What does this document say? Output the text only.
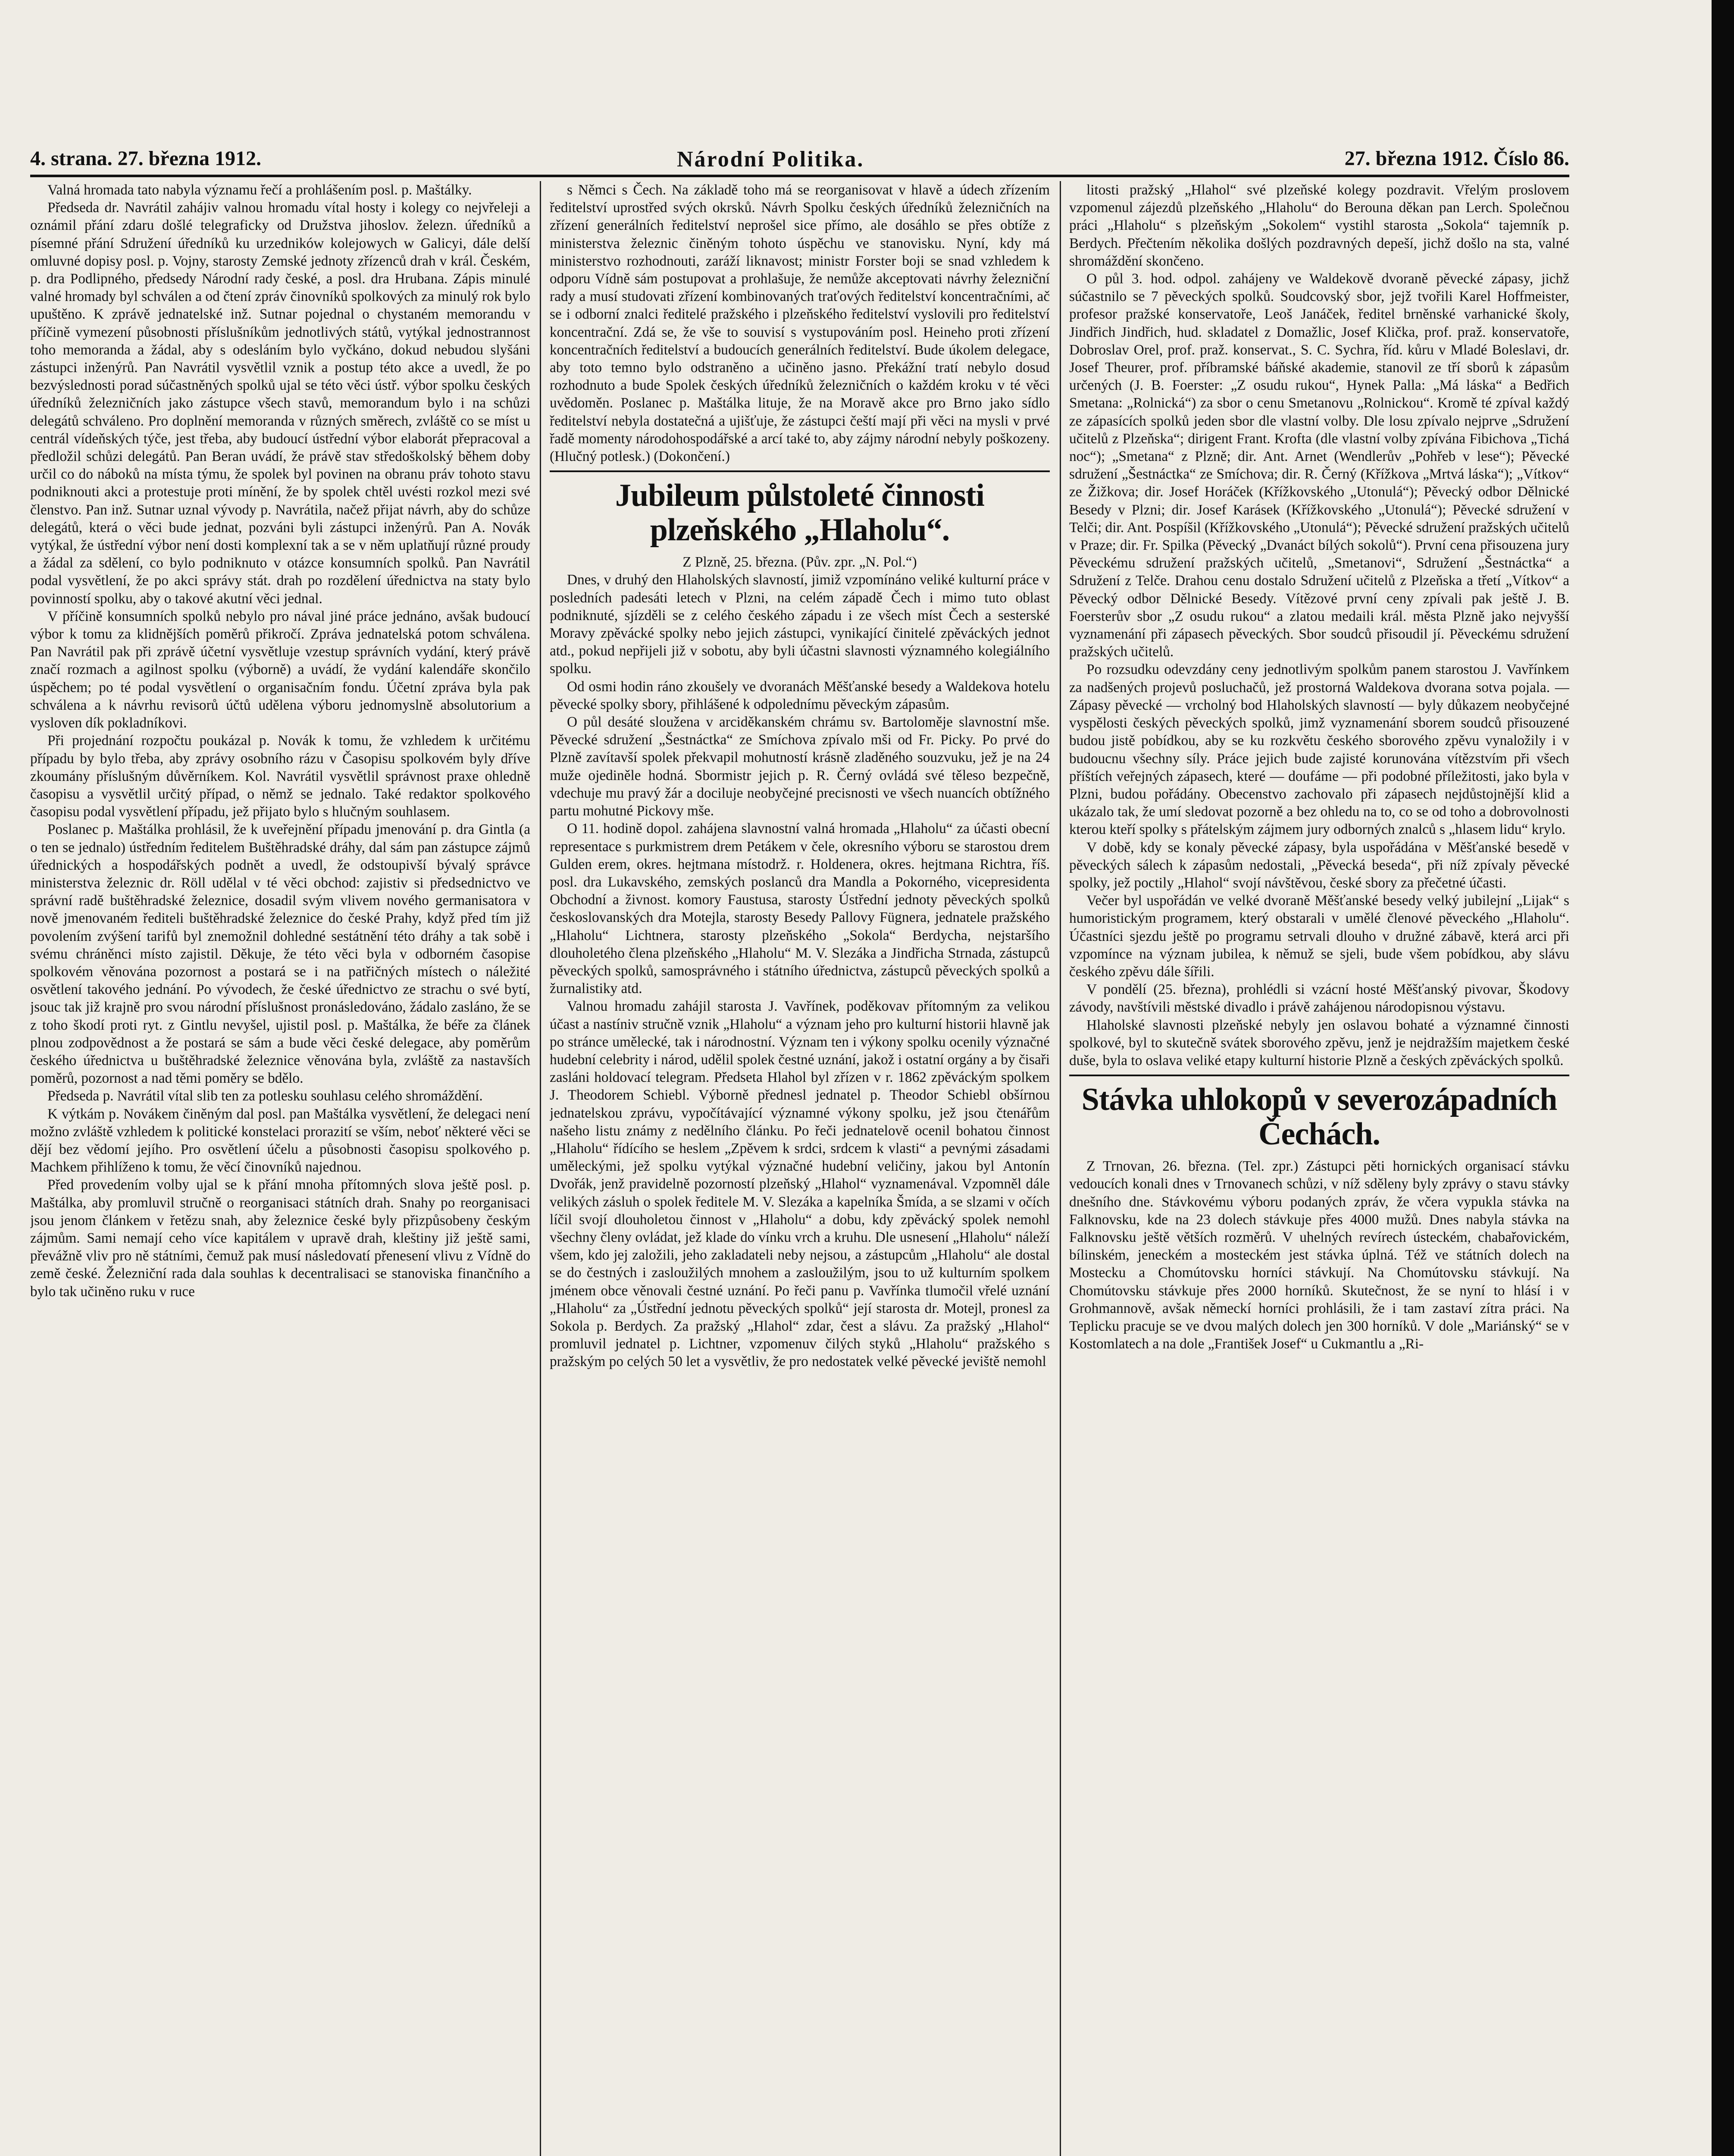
4. strana. 27. března 1912.	Národní Politika.	27. března 1912. Číslo 86.

Valná hromada tato nabyla významu řečí a prohlášením posl. p. Maštálky.

Předseda dr. Navrátil zahájiv valnou hromadu vítal hosty i kolegy co nejvřeleji a oznámil přání zdaru došlé telegraficky od Družstva jihoslov. železn. úředníků a písemné přání Sdružení úředníků ku urzedników kolejowych w Galicyi, dále delší omluvné dopisy posl. p. Vojny, starosty Zemské jednoty zřízenců drah v král. Českém, p. dra Podlipného, předsedy Národní rady české, a posl. dra Hrubana. Zápis minulé valné hromady byl schválen a od čtení zpráv činovníků spolkových za minulý rok bylo upuštěno. K zprávě jednatelské inž. Sutnar pojednal o chystaném memorandu v příčině vymezení působnosti příslušníkům jednotlivých států, vytýkal jednostrannost toho memoranda a žádal, aby s odesláním bylo vyčkáno, dokud nebudou slyšáni zástupci inženýrů. Pan Navrátil vysvětlil vznik a postup této akce a uvedl, že po bezvýslednosti porad súčastněných spolků ujal se této věci ústř. výbor spolku českých úředníků železničních jako zástupce všech stavů, memorandum bylo i na schůzi delegátů schváleno. Pro doplnění memoranda v různých směrech, zvláště co se míst u centrál vídeňských týče, jest třeba, aby budoucí ústřední výbor elaborát přepracoval a předložil schůzi delegátů. Pan Beran uvádí, že právě stav středoškolský během doby určil co do náboků na místa týmu, že spolek byl povinen na obranu práv tohoto stavu podniknouti akci a protestuje proti mínění, že by spolek chtěl uvésti rozkol mezi své členstvo. Pan inž. Sutnar uznal vývody p. Navrátila, načež přijat návrh, aby do schůze delegátů, která o věci bude jednat, pozváni byli zástupci inženýrů. Pan A. Novák vytýkal, že ústřední výbor není dosti komplexní tak a se v něm uplatňují různé proudy a žádal za sdělení, co bylo podniknuto v otázce konsumních spolků. Pan Navrátil podal vysvětlení, že po akci správy stát. drah po rozdělení úřednictva na staty bylo povinností spolku, aby o takové akutní věci jednal.

V příčině konsumních spolků nebylo pro nával jiné práce jednáno, avšak budoucí výbor k tomu za klidnějších poměrů přikročí. Zpráva jednatelská potom schválena. Pan Navrátil pak při zprávě účetní vysvětluje vzestup správních vydání, který právě značí rozmach a agilnost spolku (výborně) a uvádí, že vydání kalendáře skončilo úspěchem; po té podal vysvětlení o organisačním fondu. Účetní zpráva byla pak schválena a k návrhu revisorů účtů udělena výboru jednomyslně absolutorium a vysloven dík pokladníkovi.

Při projednání rozpočtu poukázal p. Novák k tomu, že vzhledem k určitému případu by bylo třeba, aby zprávy osobního rázu v Časopisu spolkovém byly dříve zkoumány příslušným důvěrníkem. Kol. Navrátil vysvětlil správnost praxe ohledně časopisu a vysvětlil určitý případ, o němž se jednalo. Také redaktor spolkového časopisu podal vysvětlení případu, jež přijato bylo s hlučným souhlasem.

Poslanec p. Maštálka prohlásil, že k uveřejnění případu jmenování p. dra Gintla (a o ten se jednalo) ústředním ředitelem Buštěhradské dráhy, dal sám pan zástupce zájmů úřednických a hospodářských podnět a uvedl, že odstoupivší bývalý správce ministerstva železnic dr. Röll udělal v té věci obchod: zajistiv si předsednictvo ve správní radě buštěhradské železnice, dosadil svým vlivem nového germanisatora v nově jmenovaném řediteli buštěhradské železnice do české Prahy, když před tím již povolením zvýšení tarifů byl znemožnil dohledné sestátnění této dráhy a tak sobě i svému chráněnci místo zajistil. Děkuje, že této věci byla v odborném časopise spolkovém věnována pozornost a postará se i na patřičných místech o náležité osvětlení takového jednání. Po vývodech, že české úřednictvo ze strachu o své bytí, jsouc tak již krajně pro svou národní příslušnost pronásledováno, žádalo zasláno, že se z toho škodí proti ryt. z Gintlu nevyšel, ujistil posl. p. Maštálka, že béře za článek plnou zodpovědnost a že postará se sám a bude věci české delegace, aby poměrům českého úřednictva u buštěhradské železnice věnována byla, zvláště za nastavších poměrů, pozornost a nad těmi poměry se bdělo.

Předseda p. Navrátil vítal slib ten za potlesku souhlasu celého shromáždění.

K výtkám p. Novákem činěným dal posl. pan Maštálka vysvětlení, že delegaci není možno zvláště vzhledem k politické konstelaci prorazití se vším, neboť některé věci se dějí bez vědomí jejího. Pro osvětlení účelu a působnosti časopisu spolkového p. Machkem přihlíženo k tomu, že věcí činovníků najednou.

Před provedením volby ujal se k přání mnoha přítomných slova ještě posl. p. Maštálka, aby promluvil stručně o reorganisaci státních drah. Snahy po reorganisaci jsou jenom článkem v řetězu snah, aby železnice české byly přizpůsobeny českým zájmům. Sami nemají ceho více kapitálem v upravě drah, kleštiny již ještě sami, převážně vliv pro ně státními, čemuž pak musí následovatí přenesení vlivu z Vídně do země české. Železniční rada dala souhlas k decentralisaci se stanoviska finančního a bylo tak učiněno ruku v ruce

s Němci s Čech. Na základě toho má se reorganisovat v hlavě a údech zřízením ředitelství uprostřed svých okrsků. Návrh Spolku českých úředníků železničních na zřízení generálních ředitelství neprošel sice přímo, ale dosáhlo se přes obtíže z ministerstva železnic činěným tohoto úspěchu ve stanovisku. Nyní, kdy má ministerstvo rozhodnouti, zaráží liknavost; ministr Forster boji se snad vzhledem k odporu Vídně sám postupovat a prohlašuje, že nemůže akceptovati návrhy železniční rady a musí studovati zřízení kombinovaných traťových ředitelství koncentračními, ač se i odborní znalci ředitelé pražského i plzeňského ředitelství vyslovili pro ředitelství koncentrační. Zdá se, že vše to souvisí s vystupováním posl. Heineho proti zřízení koncentračních ředitelství a budoucích generálních ředitelství. Bude úkolem delegace, aby toto temno bylo odstraněno a učiněno jasno. Překážní tratí nebylo dosud rozhodnuto a bude Spolek českých úředníků železničních o každém kroku v té věci uvědoměn. Poslanec p. Maštálka lituje, že na Moravě akce pro Brno jako sídlo ředitelství nebyla dostatečná a ujišťuje, že zástupci čeští mají při věci na mysli v prvé řadě momenty národohospodářské a arcí také to, aby zájmy národní nebyly poškozeny. (Hlučný potlesk.) (Dokončení.)

Jubileum půlstoleté činnosti plzeňského „Hlaholu“.

Z Plzně, 25. března. (Pův. zpr. „N. Pol.“)

Dnes, v druhý den Hlaholských slavností, jimiž vzpomínáno veliké kulturní práce v posledních padesáti letech v Plzni, na celém západě Čech i mimo tuto oblast podniknuté, sjízděli se z celého českého západu i ze všech míst Čech a sesterské Moravy zpěvácké spolky nebo jejich zástupci, vynikající činitelé zpěváckých jednot atd., pokud nepřijeli již v sobotu, aby byli účastni slavnosti významného kolegiálního spolku.

Od osmi hodin ráno zkoušely ve dvoranách Měšťanské besedy a Waldekova hotelu pěvecké spolky sbory, přihlášené k odpolednímu pěveckým zápasům.

O půl desáté sloužena v arciděkanském chrámu sv. Bartoloměje slavnostní mše. Pěvecké sdružení „Šestnáctka“ ze Smíchova zpívalo mši od Fr. Picky. Po prvé do Plzně zavítavší spolek překvapil mohutností krásně zladěného souzvuku, jež je na 24 muže ojediněle hodná. Sbormistr jejich p. R. Černý ovládá své těleso bezpečně, vdechuje mu pravý žár a dociluje neobyčejné precisnosti ve všech nuancích obtížného partu mohutné Pickovy mše.

O 11. hodině dopol. zahájena slavnostní valná hromada „Hlaholu“ za účasti obecní representace s purkmistrem drem Petákem v čele, okresního výboru se starostou drem Gulden erem, okres. hejtmana místodrž. r. Holdenera, okres. hejtmana Richtra, říš. posl. dra Lukavského, zemských poslanců dra Mandla a Pokorného, vicepresidenta Obchodní a živnost. komory Faustusa, starosty Ústřední jednoty pěveckých spolků českoslovanských dra Motejla, starosty Besedy Pallovy Fügnera, jednatele pražského „Hlaholu“ Lichtnera, starosty plzeňského „Sokola“ Berdycha, nejstaršího dlouholetého člena plzeňského „Hlaholu“ M. V. Slezáka a Jindřicha Strnada, zástupců pěveckých spolků, samosprávného i státního úřednictva, zástupců pěveckých spolků a žurnalistiky atd.

Valnou hromadu zahájil starosta J. Vavřínek, poděkovav přítomným za velikou účast a nastíniv stručně vznik „Hlaholu“ a význam jeho pro kulturní historii hlavně jak po stránce umělecké, tak i národnostní. Význam ten i výkony spolku ocenily význačné hudební celebrity i národ, udělil spolek čestné uznání, jakož i ostatní orgány a by čisaři zasláni holdovací telegram. Předseta Hlahol byl zřízen v r. 1862 zpěváckým spolkem J. Theodorem Schiebl. Výborně přednesl jednatel p. Theodor Schiebl obšírnou jednatelskou zprávu, vypočítávající významné výkony spolku, jež jsou čtenářům našeho listu známy z nedělního článku. Po řeči jednatelově ocenil bohatou činnost „Hlaholu“ řídícího se heslem „Zpěvem k srdci, srdcem k vlasti“ a pevnými zásadami uměleckými, jež spolku vytýkal význačné hudební veličiny, jakou byl Antonín Dvořák, jenž pravidelně pozorností plzeňský „Hlahol“ vyznamenával. Vzpomněl dále velikých zásluh o spolek ředitele M. V. Slezáka a kapelníka Šmída, a se slzami v očích líčil svojí dlouholetou činnost v „Hlaholu“ a dobu, kdy zpěvácký spolek nemohl všechny členy ovládat, jež klade do vínku vrch a kruhu. Dle usnesení „Hlaholu“ náleží všem, kdo jej založili, jeho zakladateli neby nejsou, a zástupcům „Hlaholu“ ale dostal se do čestných i zasloužilých mnohem a zasloužilým, jsou to už kulturním spolkem jménem obce věnovali čestné uznání. Po řeči panu p. Vavřínka tlumočil vřelé uznání „Hlaholu“ za „Ústřední jednotu pěveckých spolků“ její starosta dr. Motejl, pronesl za Sokola p. Berdych. Za pražský „Hlahol“ zdar, čest a slávu. Za pražský „Hlahol“ promluvil jednatel p. Lichtner, vzpomenuv čilých styků „Hlaholu“ pražského s pražským po celých 50 let a vysvětliv, že pro nedostatek velké pěvecké jeviště nemohl

litosti pražský „Hlahol“ své plzeňské kolegy pozdravit. Vřelým proslovem vzpomenul zájezdů plzeňského „Hlaholu“ do Berouna děkan pan Lerch. Společnou práci „Hlaholu“ s plzeňským „Sokolem“ vystihl starosta „Sokola“ tajemník p. Berdych. Přečtením několika došlých pozdravných depeší, jichž došlo na sta, valné shromáždění skončeno.

O půl 3. hod. odpol. zahájeny ve Waldekově dvoraně pěvecké zápasy, jichž súčastnilo se 7 pěveckých spolků. Soudcovský sbor, jejž tvořili Karel Hoffmeister, profesor pražské konservatoře, Leoš Janáček, ředitel brněnské varhanické školy, Jindřich Jindřich, hud. skladatel z Domažlic, Josef Klička, prof. praž. konservatoře, Dobroslav Orel, prof. praž. konservat., S. C. Sychra, říd. kůru v Mladé Boleslavi, dr. Josef Theurer, prof. příbramské báňské akademie, stanovil ze tří sborů k zápasům určených (J. B. Foerster: „Z osudu rukou“, Hynek Palla: „Má láska“ a Bedřich Smetana: „Rolnická“) za sbor o cenu Smetanovu „Rolnickou“. Kromě té zpíval každý ze zápasících spolků jeden sbor dle vlastní volby. Dle losu zpívalo nejprve „Sdružení učitelů z Plzeňska“; dirigent Frant. Krofta (dle vlastní volby zpívána Fibichova „Tichá noc“); „Smetana“ z Plzně; dir. Ant. Arnet (Wendlerův „Pohřeb v lese“); Pěvecké sdružení „Šestnáctka“ ze Smíchova; dir. R. Černý (Křížkova „Mrtvá láska“); „Vítkov“ ze Žižkova; dir. Josef Horáček (Křížkovského „Utonulá“); Pěvecký odbor Dělnické Besedy v Plzni; dir. Josef Karásek (Křížkovského „Utonulá“); Pěvecké sdružení v Telči; dir. Ant. Pospíšil (Křížkovského „Utonulá“); Pěvecké sdružení pražských učitelů v Praze; dir. Fr. Spilka (Pěvecký „Dvanáct bílých sokolů“). První cena přisouzena jury Pěveckému sdružení pražských učitelů, „Smetanovi“, Sdružení „Šestnáctka“ a Sdružení z Telče. Drahou cenu dostalo Sdružení učitelů z Plzeňska a třetí „Vítkov“ a Pěvecký odbor Dělnické Besedy. Vítězové první ceny zpívali pak ještě J. B. Foersterův sbor „Z osudu rukou“ a zlatou medaili král. města Plzně jako nejvyšší vyznamenání při zápasech pěveckých. Sbor soudců přisoudil jí. Pěveckému sdružení pražských učitelů.

Po rozsudku odevzdány ceny jednotlivým spolkům panem starostou J. Vavřínkem za nadšených projevů posluchačů, jež prostorná Waldekova dvorana sotva pojala. — Zápasy pěvecké — vrcholný bod Hlaholských slavností — byly důkazem neobyčejné vyspělosti českých pěveckých spolků, jimž vyznamenání sborem soudců přisouzené budou jistě pobídkou, aby se ku rozkvětu českého sborového zpěvu vynaložily i v budoucnu všechny síly. Práce jejich bude zajisté korunována vítězstvím při všech příštích veřejných zápasech, které — doufáme — při podobné příležitosti, jako byla v Plzni, budou pořádány. Obecenstvo zachovalo při zápasech nejdůstojnější klid a ukázalo tak, že umí sledovat pozorně a bez ohledu na to, co se od toho a dobrovolnosti kterou kteří spolky s přátelským zájmem jury odborných znalců s „hlasem lidu“ krylo.

V době, kdy se konaly pěvecké zápasy, byla uspořádána v Měšťanské besedě v pěveckých sálech k zápasům nedostali, „Pěvecká beseda“, při níž zpívaly pěvecké spolky, jež poctily „Hlahol“ svojí návštěvou, české sbory za přečetné účasti.

Večer byl uspořádán ve velké dvoraně Měšťanské besedy velký jubilejní „Lijak“ s humoristickým programem, který obstarali v umělé členové pěveckého „Hlaholu“. Účastníci sjezdu ještě po programu setrvali dlouho v družné zábavě, která arci při vzpomínce na význam jubilea, k němuž se sjeli, bude všem pobídkou, aby slávu českého zpěvu dále šířili.

V pondělí (25. března), prohlédli si vzácní hosté Měšťanský pivovar, Škodovy závody, navštívili městské divadlo i právě zahájenou národopisnou výstavu.

Hlaholské slavnosti plzeňské nebyly jen oslavou bohaté a významné činnosti spolkové, byl to skutečně svátek sborového zpěvu, jenž je nejdražším majetkem české duše, byla to oslava veliké etapy kulturní historie Plzně a českých zpěváckých spolků.

Stávka uhlokopů v severozápadních Čechách.

Z Trnovan, 26. března. (Tel. zpr.) Zástupci pěti hornických organisací stávku vedoucích konali dnes v Trnovanech schůzi, v níž sděleny byly zprávy o stavu stávky dnešního dne. Stávkovému výboru podaných zpráv, že včera vypukla stávka na Falknovsku, kde na 23 dolech stávkuje přes 4000 mužů. Dnes nabyla stávka na Falknovsku ještě větších rozměrů. V uhelných revírech ústeckém, chabařovickém, bílinském, jeneckém a mosteckém jest stávka úplná. Též ve státních dolech na Mostecku a Chomútovsku horníci stávkují. Na Chomútovsku stávkují. Na Chomútovsku stávkuje přes 2000 horníků. Skutečnost, že se nyní to hlásí i v Grohmannově, avšak německí horníci prohlásili, že i tam zastaví zítra práci. Na Teplicku pracuje se ve dvou malých dolech jen 300 horníků. V dole „Mariánský“ se v Kostomlatech a na dole „František Josef“ u Cukmantlu a „Ri-
